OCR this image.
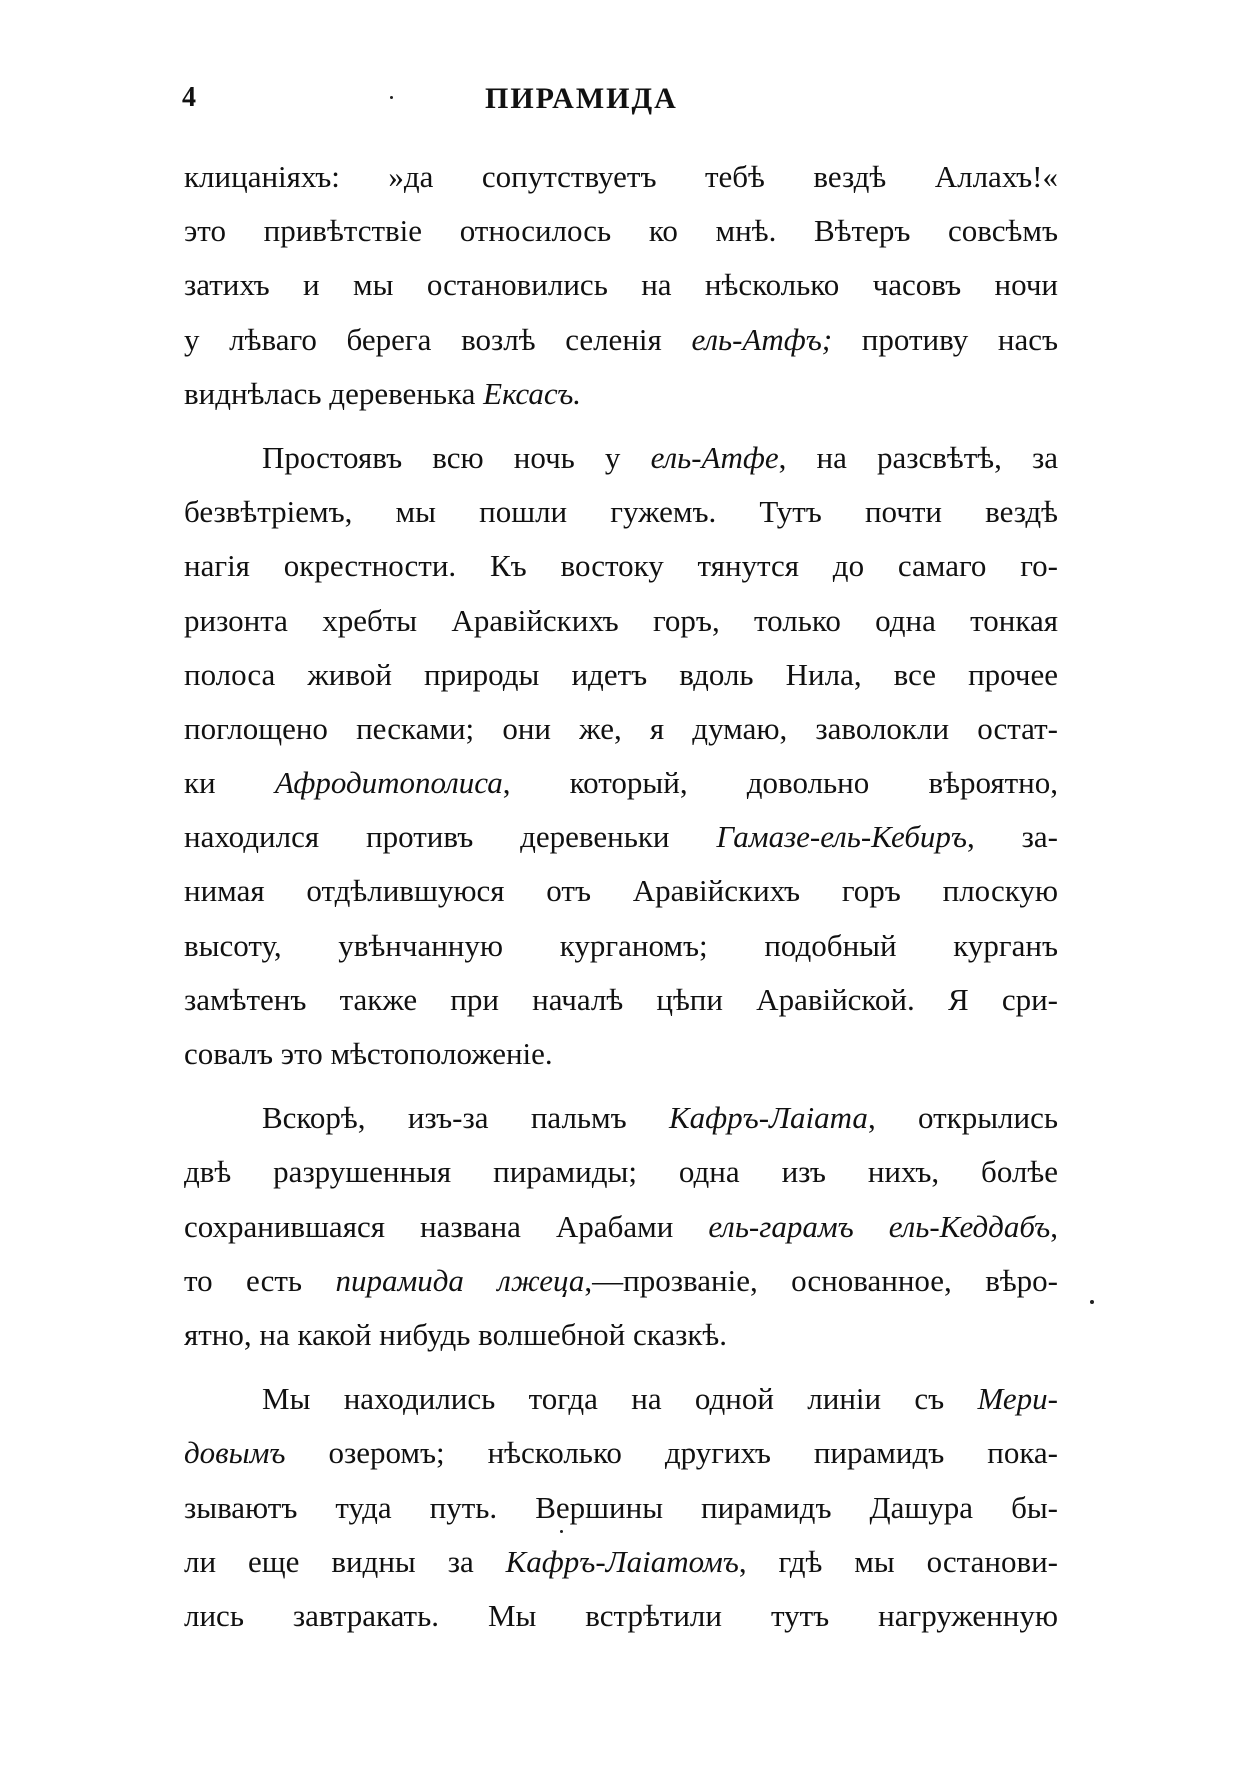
4	ПИРАМИДА
клицаніяхъ: »да сопутствуетъ тебѣ вездѣ Аллахъ!«
это привѣтствіе относилось ко мнѣ. Вѣтеръ совсѣмъ
затихъ и мы остановились на нѣсколько часовъ ночи
у лѣваго берега возлѣ селенія ель-Атфъ; противу насъ
виднѣлась деревенька Ексасъ.
Простоявъ всю ночь у ель-Атфе, на разсвѣтѣ, за
безвѣтріемъ, мы пошли гужемъ. Тутъ почти вездѣ
нагія окрестности. Къ востоку тянутся до самаго го-
ризонта хребты Аравійскихъ горъ, только одна тонкая
полоса живой природы идетъ вдоль Нила, все прочее
поглощено песками; они же, я думаю, заволокли остат-
ки Афродитополиса, который, довольно вѣроятно,
находился противъ деревеньки Гамазе-ель-Кебиръ, за-
нимая отдѣлившуюся отъ Аравійскихъ горъ плоскую
высоту, увѣнчанную курганомъ; подобный курганъ
замѣтенъ также при началѣ цѣпи Аравійской. Я сри-
совалъ это мѣстоположеніе.
Вскорѣ, изъ-за пальмъ Кафръ-Лаіата, открылись
двѣ разрушенныя пирамиды; одна изъ нихъ, болѣе
сохранившаяся названа Арабами ель-гарамъ ель-Кеддабъ,
то есть пирамида лжеца,—прозваніе, основанное, вѣро-
ятно, на какой нибудь волшебной сказкѣ.
Мы находились тогда на одной линіи съ Мери-
довымъ озеромъ; нѣсколько другихъ пирамидъ пока-
зываютъ туда путь. Вершины пирамидъ Дашура бы-
ли еще видны за Кафръ-Лаіатомъ, гдѣ мы останови-
лись завтракать. Мы встрѣтили тутъ нагруженную
